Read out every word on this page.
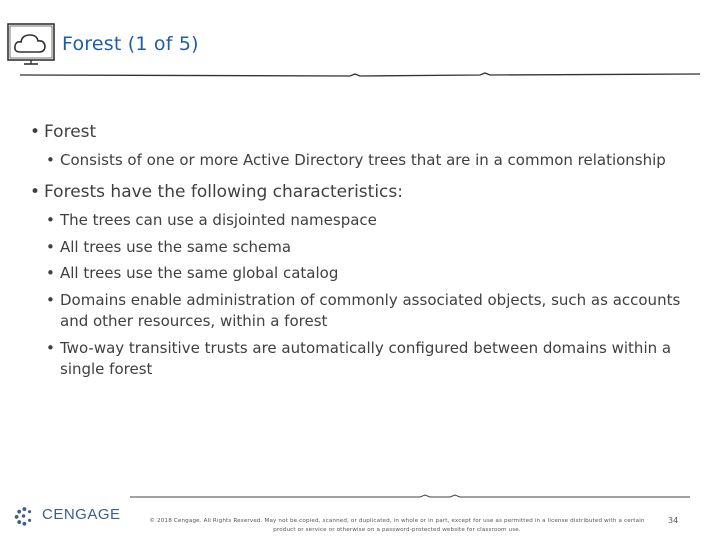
Forest (1 of 5)
• Forest
• Consists of one or more Active Directory trees that are in a common relationship
• Forests have the following characteristics:
• The trees can use a disjointed namespace
• All trees use the same schema
• All trees use the same global catalog
• Domains enable administration of commonly associated objects, such as accounts and other resources, within a forest
• Two-way transitive trusts are automatically configured between domains within a single forest
CENGAGE	© 2018 Cengage. All Rights Reserved. May not be copied, scanned, or duplicated, in whole or in part, except for use as permitted in a license distributed with a certain product or service or otherwise on a password-protected website for classroom use.
34
